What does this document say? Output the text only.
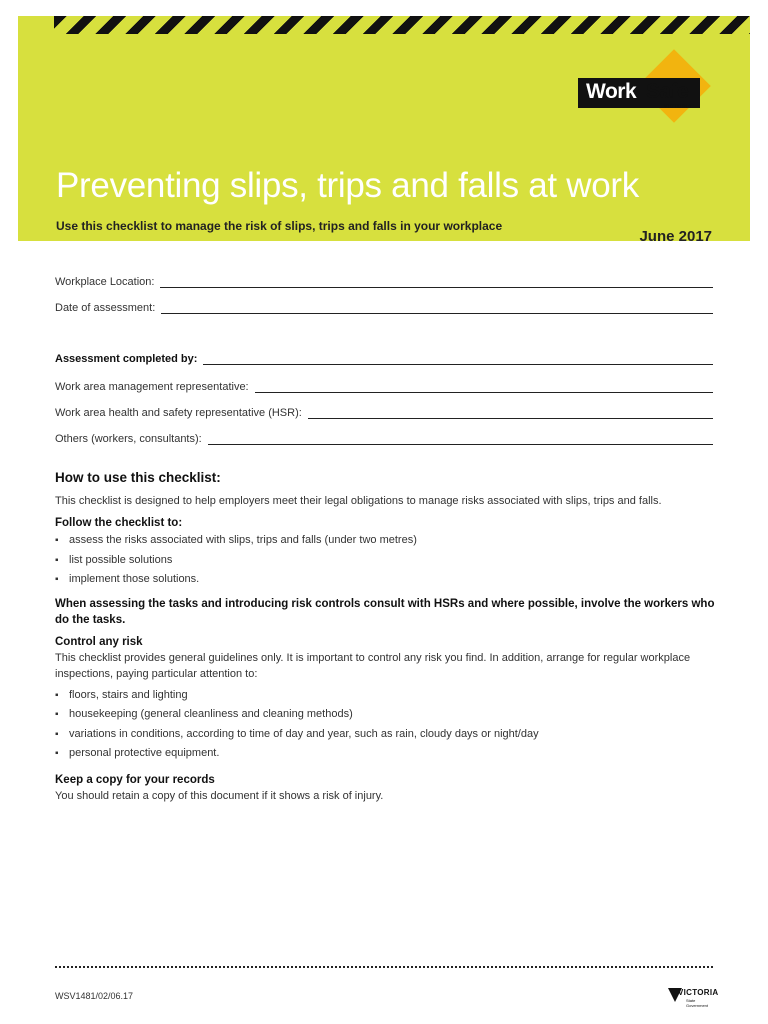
Work Safe
VICTORIA
Preventing slips, trips and falls at work
Use this checklist to manage the risk of slips, trips and falls in your workplace
June 2017
Workplace Location:
Date of assessment:
Assessment completed by:
Work area management representative:
Work area health and safety representative (HSR):
Others (workers, consultants):
How to use this checklist:

This checklist is designed to help employers meet their legal obligations to manage risks associated with slips, trips and falls.

Follow the checklist to:
▪ assess the risks associated with slips, trips and falls (under two metres)
▪ list possible solutions
▪ implement those solutions.
When assessing the tasks and introducing risk controls consult with HSRs and where possible, involve the workers who do the tasks.
Control any risk

This checklist provides general guidelines only. It is important to control any risk you find. In addition, arrange for regular workplace inspections, paying particular attention to:

▪ floors, stairs and lighting
▪ housekeeping (general cleanliness and cleaning methods)
▪ variations in conditions, according to time of day and year, such as rain, cloudy days or night/day
▪ personal protective equipment.
Keep a copy for your records

You should retain a copy of this document if it shows a risk of injury.

WSV1481/02/06.17	VICTORIA
State
Government
